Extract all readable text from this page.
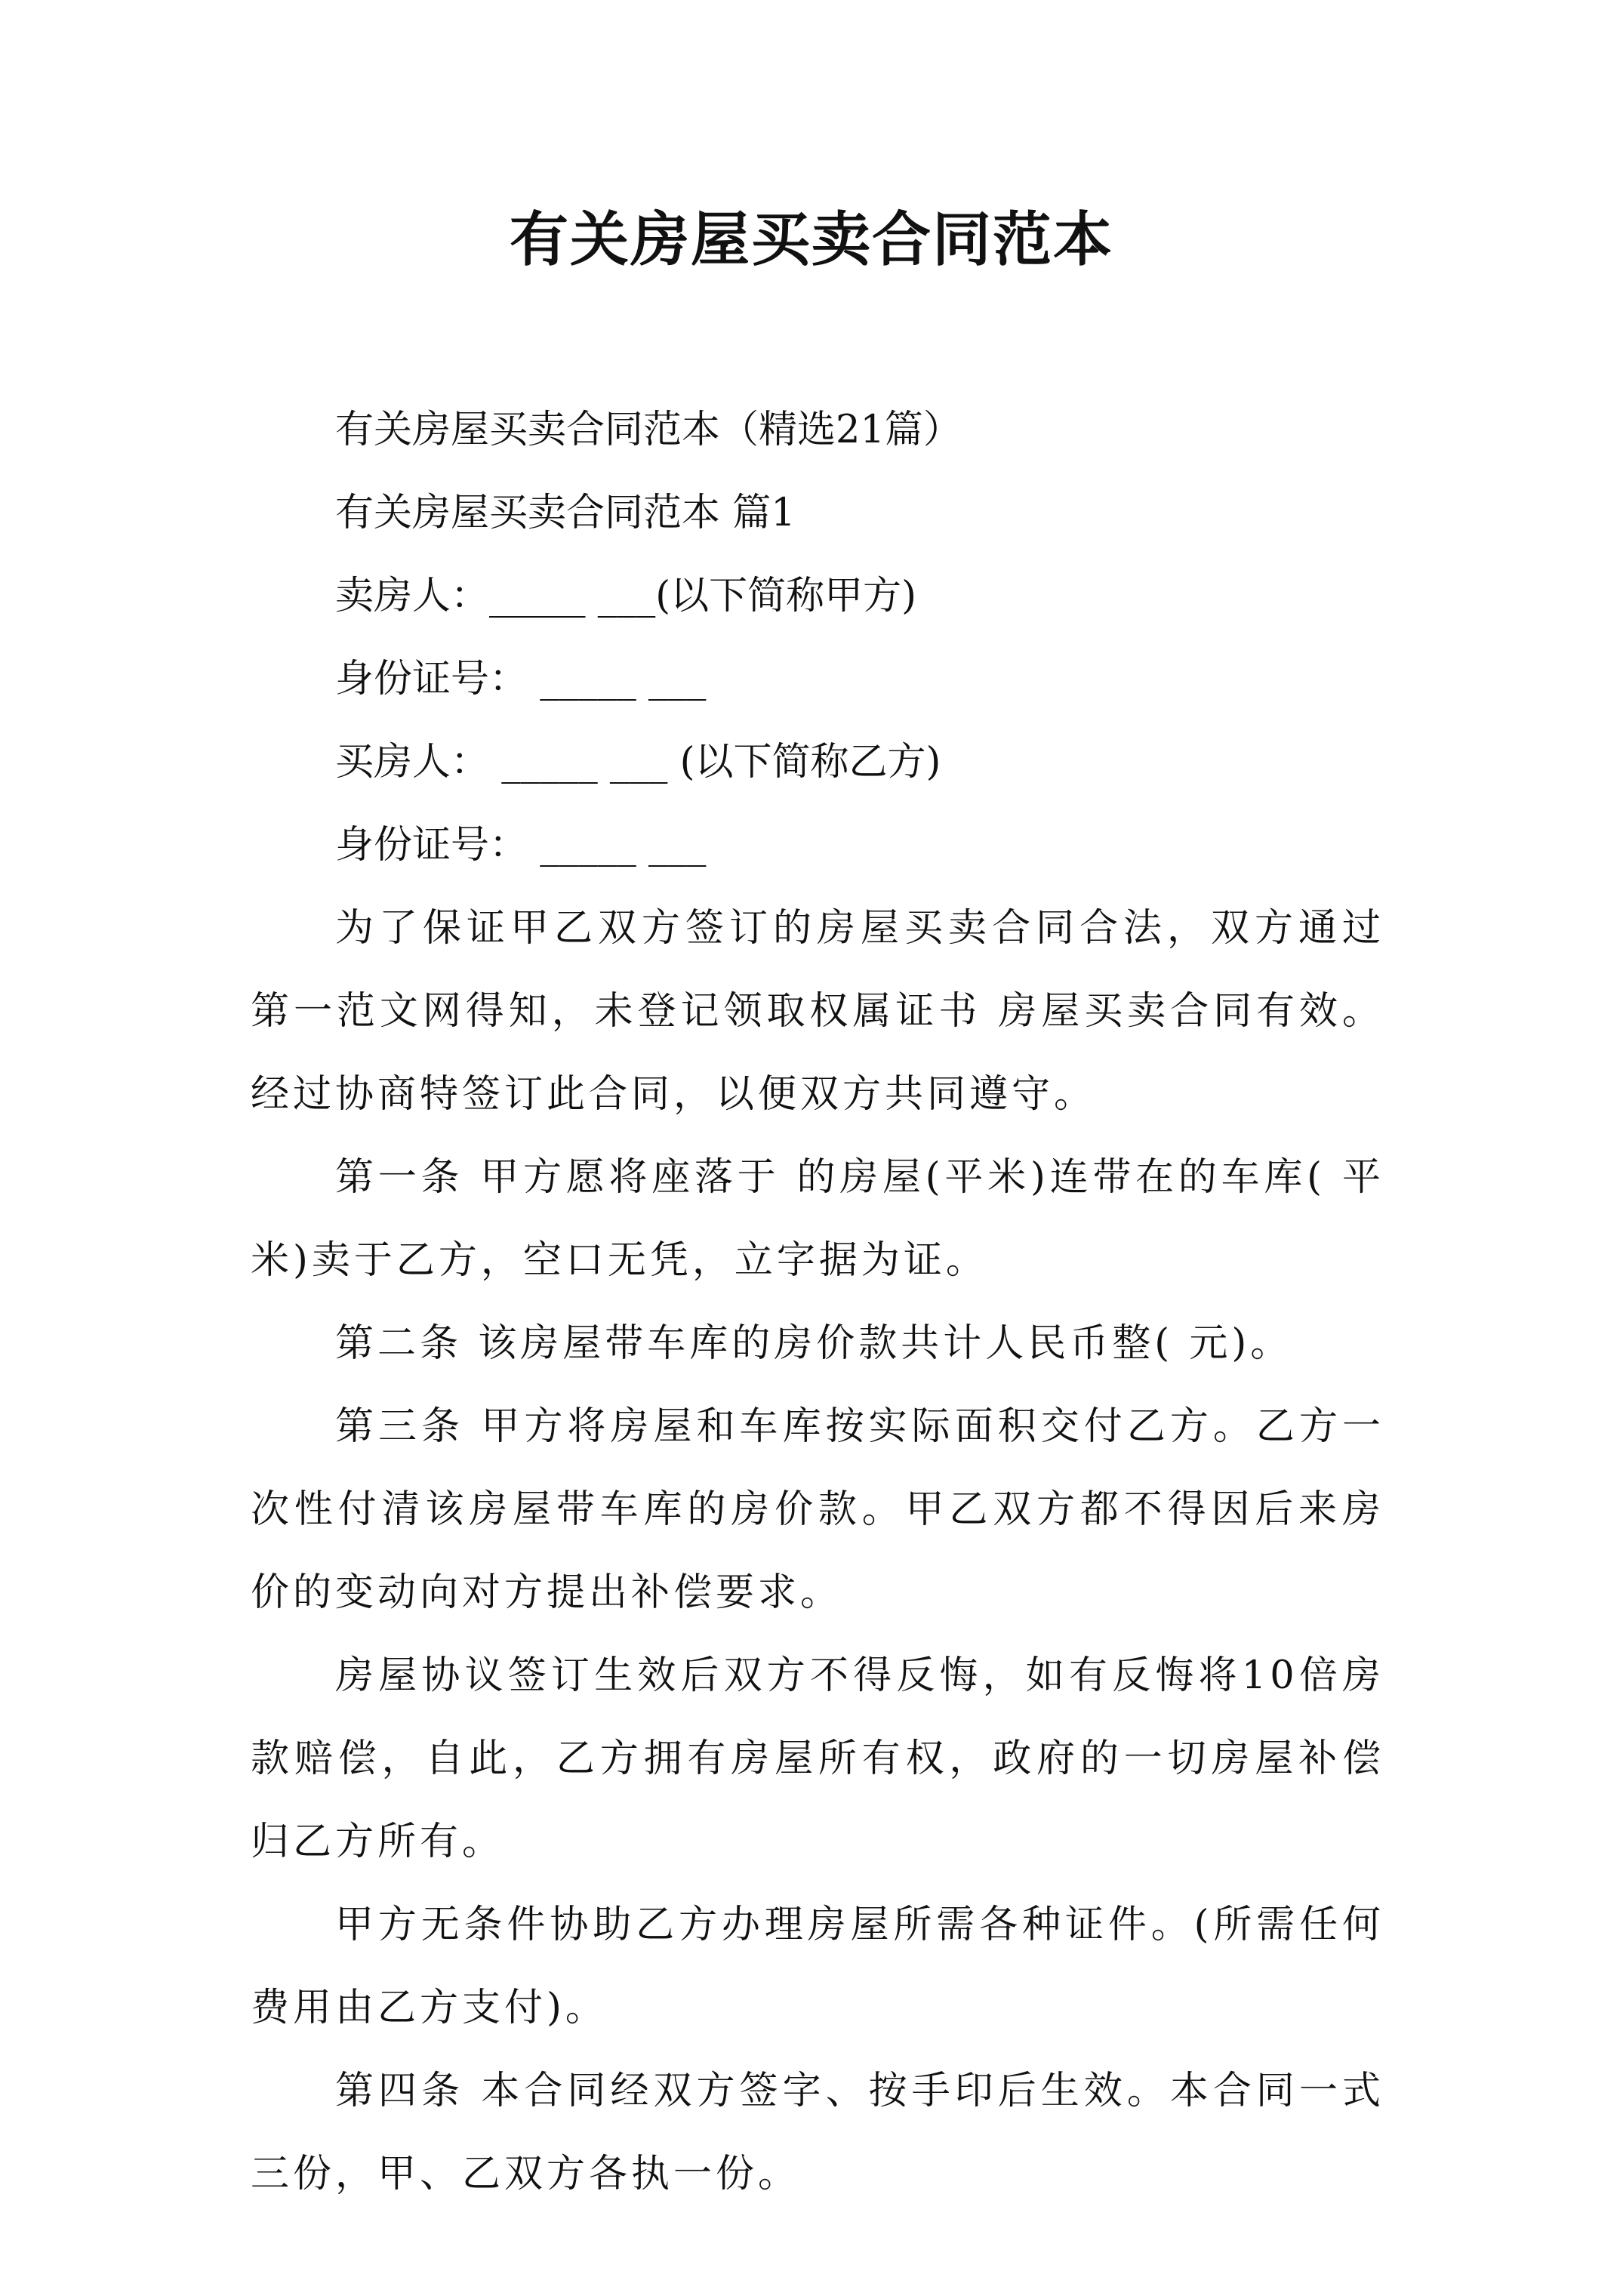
有关房屋买卖合同范本

有关房屋买卖合同范本（精选21篇）

有关房屋买卖合同范本 篇1

卖房人：_____ ___(以下简称甲方)

身份证号： _____ ___

买房人： _____ ___ (以下简称乙方)

身份证号： _____ ___

为了保证甲乙双方签订的房屋买卖合同合法，双方通过第一范文网得知，未登记领取权属证书 房屋买卖合同有效。经过协商特签订此合同，以便双方共同遵守。

第一条 甲方愿将座落于 的房屋(平米)连带在的车库( 平米)卖于乙方，空口无凭，立字据为证。

第二条 该房屋带车库的房价款共计人民币整( 元)。

第三条 甲方将房屋和车库按实际面积交付乙方。乙方一次性付清该房屋带车库的房价款。甲乙双方都不得因后来房价的变动向对方提出补偿要求。

房屋协议签订生效后双方不得反悔，如有反悔将10倍房款赔偿，自此，乙方拥有房屋所有权，政府的一切房屋补偿归乙方所有。

甲方无条件协助乙方办理房屋所需各种证件。(所需任何费用由乙方支付)。

第四条 本合同经双方签字、按手印后生效。本合同一式三份，甲、乙双方各执一份。
